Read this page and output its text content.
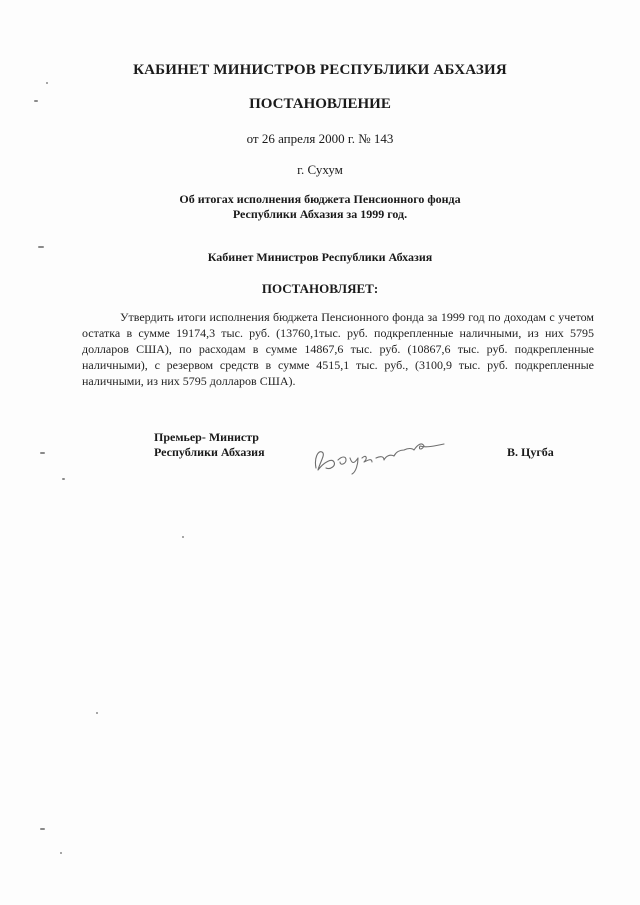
КАБИНЕТ МИНИСТРОВ РЕСПУБЛИКИ АБХАЗИЯ
ПОСТАНОВЛЕНИЕ
от 26 апреля 2000 г. № 143
г. Сухум
Об итогах исполнения бюджета Пенсионного фонда
Республики Абхазия за 1999 год.
Кабинет Министров Республики Абхазия
ПОСТАНОВЛЯЕТ:
Утвердить итоги исполнения бюджета Пенсионного фонда за 1999 год по доходам с учетом остатка в сумме 19174,3 тыс. руб. (13760,1тыс. руб. подкрепленные наличными, из них 5795 долларов США), по расходам в сумме 14867,6 тыс. руб. (10867,6 тыс. руб. подкрепленные наличными), с резервом средств в сумме 4515,1 тыс. руб., (3100,9 тыс. руб. подкрепленные наличными, из них 5795 долларов США).
Премьер- Министр
Республики Абхазия	В. Цугба
